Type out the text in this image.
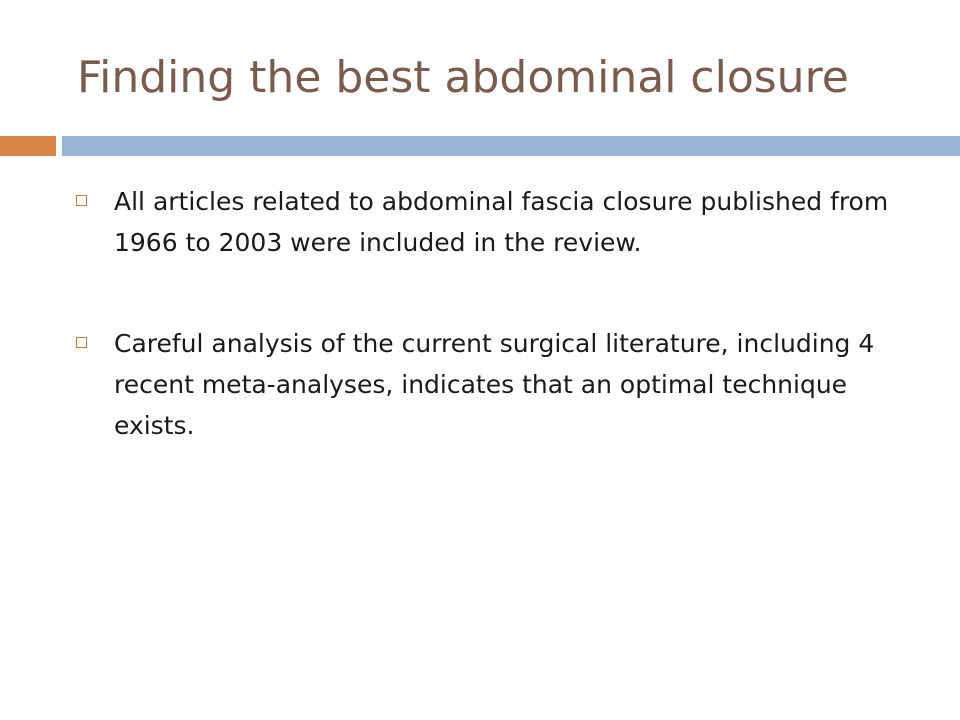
Finding the best abdominal closure
All articles related to abdominal fascia closure published from 1966 to 2003 were included in the review.
Careful analysis of the current surgical literature, including 4 recent meta-analyses, indicates that an optimal technique exists.
